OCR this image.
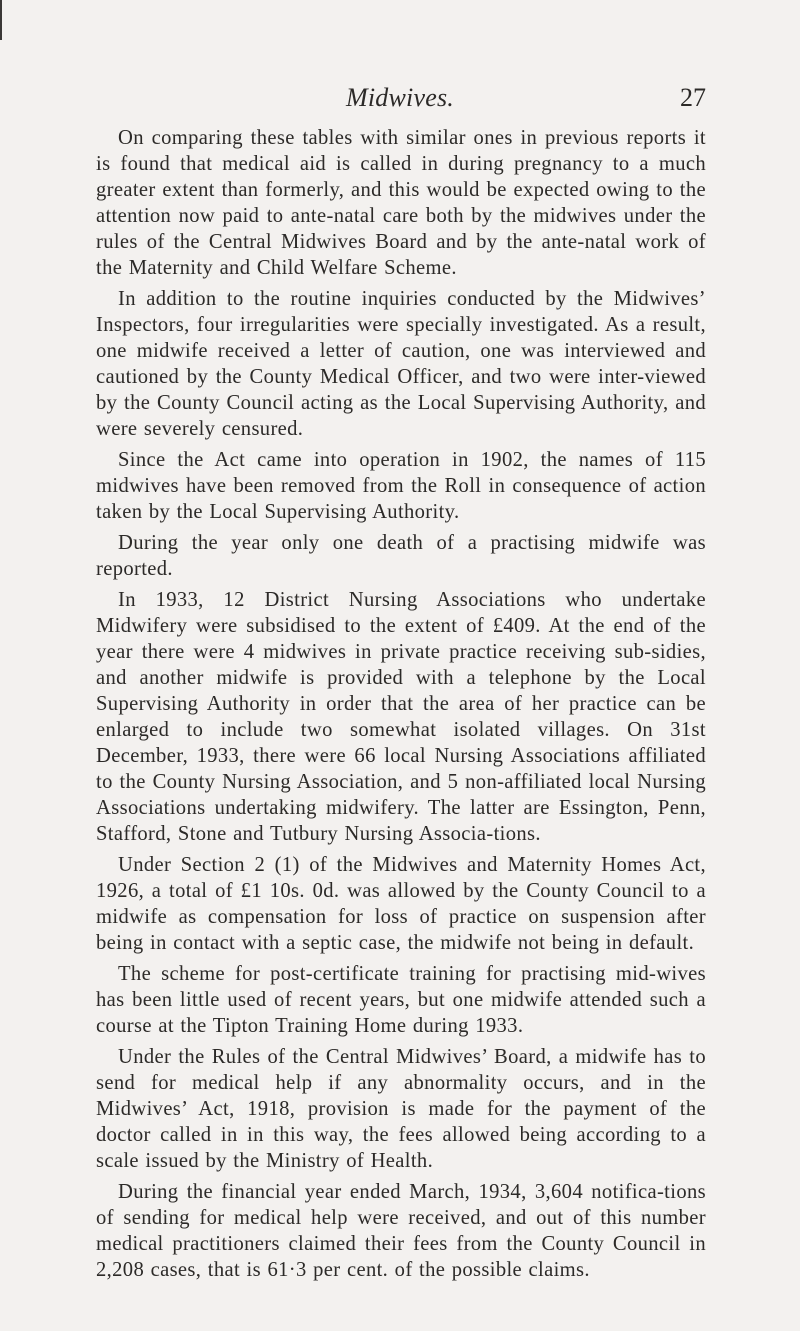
Midwives.	27

On comparing these tables with similar ones in previous reports it is found that medical aid is called in during pregnancy to a much greater extent than formerly, and this would be expected owing to the attention now paid to ante-natal care both by the midwives under the rules of the Central Midwives Board and by the ante-natal work of the Maternity and Child Welfare Scheme.

In addition to the routine inquiries conducted by the Midwives’ Inspectors, four irregularities were specially investigated. As a result, one midwife received a letter of caution, one was interviewed and cautioned by the County Medical Officer, and two were inter-viewed by the County Council acting as the Local Supervising Authority, and were severely censured.

Since the Act came into operation in 1902, the names of 115 midwives have been removed from the Roll in consequence of action taken by the Local Supervising Authority.

During the year only one death of a practising midwife was reported.

In 1933, 12 District Nursing Associations who undertake Midwifery were subsidised to the extent of £409. At the end of the year there were 4 midwives in private practice receiving sub-sidies, and another midwife is provided with a telephone by the Local Supervising Authority in order that the area of her practice can be enlarged to include two somewhat isolated villages. On 31st December, 1933, there were 66 local Nursing Associations affiliated to the County Nursing Association, and 5 non-affiliated local Nursing Associations undertaking midwifery. The latter are Essington, Penn, Stafford, Stone and Tutbury Nursing Associa-tions.

Under Section 2 (1) of the Midwives and Maternity Homes Act, 1926, a total of £1 10s. 0d. was allowed by the County Council to a midwife as compensation for loss of practice on suspension after being in contact with a septic case, the midwife not being in default.

The scheme for post-certificate training for practising mid-wives has been little used of recent years, but one midwife attended such a course at the Tipton Training Home during 1933.

Under the Rules of the Central Midwives’ Board, a midwife has to send for medical help if any abnormality occurs, and in the Midwives’ Act, 1918, provision is made for the payment of the doctor called in in this way, the fees allowed being according to a scale issued by the Ministry of Health.

During the financial year ended March, 1934, 3,604 notifica-tions of sending for medical help were received, and out of this number medical practitioners claimed their fees from the County Council in 2,208 cases, that is 61·3 per cent. of the possible claims.
